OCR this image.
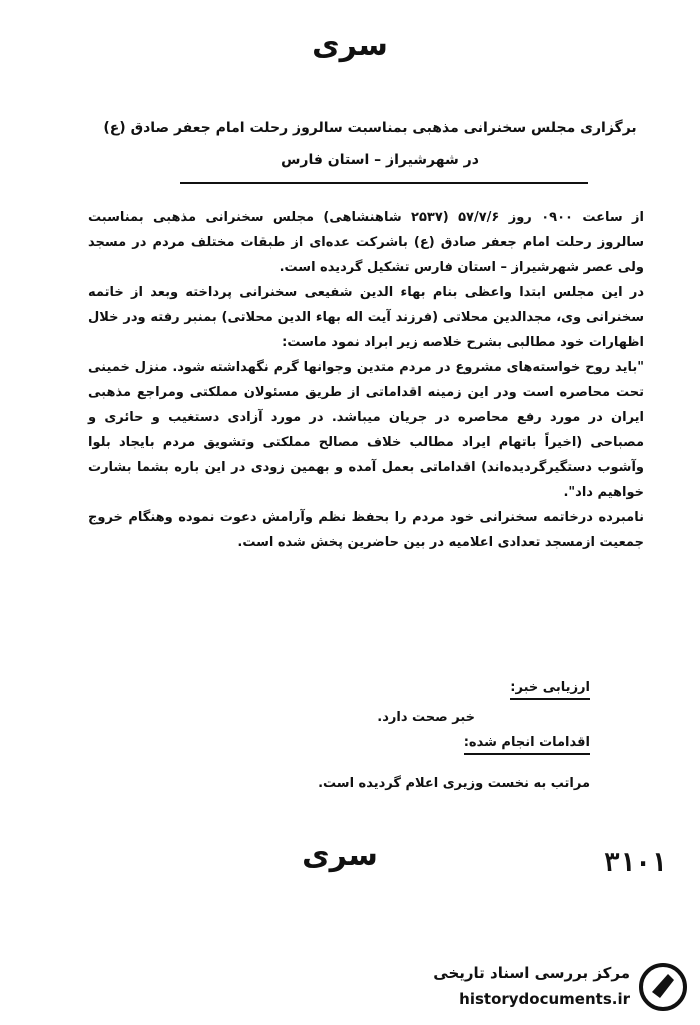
سری
برگزاری مجلس سخنرانی مذهبی بمناسبت سالروز رحلت امام جعفر صادق (ع)
در شهرشیراز – استان فارس

از ساعت ۰۹۰۰ روز ۵۷/۷/۶ (۲۵۳۷ شاهنشاهی) مجلس سخنرانی مذهبی بمناسبت سالروز رحلت امام جعفر صادق (ع) باشرکت عده‌ای از طبقات مختلف مردم در مسجد ولی عصر شهرشیراز – استان فارس تشکیل گردیده است.

در این مجلس ابتدا واعظی بنام بهاء الدین شفیعی سخنرانی پرداخته وبعد از خاتمه سخنرانی وی، مجدالدین محلاتی (فرزند آیت اله بهاء الدین محلاتی) بمنبر رفته ودر خلال اظهارات خود مطالبی بشرح خلاصه زیر ابراد نمود ماست:

"باید روح خواسته‌های مشروع در مردم متدین وجوانها گرم نگهداشته شود. منزل خمینی تحت محاصره است ودر این زمینه اقداماتی از طریق مسئولان مملکتی ومراجع مذهبی ایران در مورد رفع محاصره در جریان میباشد. در مورد آزادی دستغیب و حائری و مصباحی (اخیراً باتهام ایراد مطالب خلاف مصالح مملکتی وتشویق مردم بایجاد بلوا وآشوب دستگیرگردیده‌اند) اقداماتی بعمل آمده و بهمین زودی در این باره بشما بشارت خواهیم داد".

نامبرده درخاتمه سخنرانی خود مردم را بحفظ نظم وآرامش دعوت نموده وهنگام خروج جمعیت ازمسجد تعدادی اعلامیه در بین حاضرین پخش شده است.

ارزیابی خبر:
خبر صحت دارد.
اقدامات انجام شده:
مراتب به نخست وزیری اعلام گردیده است.
سری	۳۱۰۱
مرکز بررسی اسناد تاریخی
historydocuments.ir
